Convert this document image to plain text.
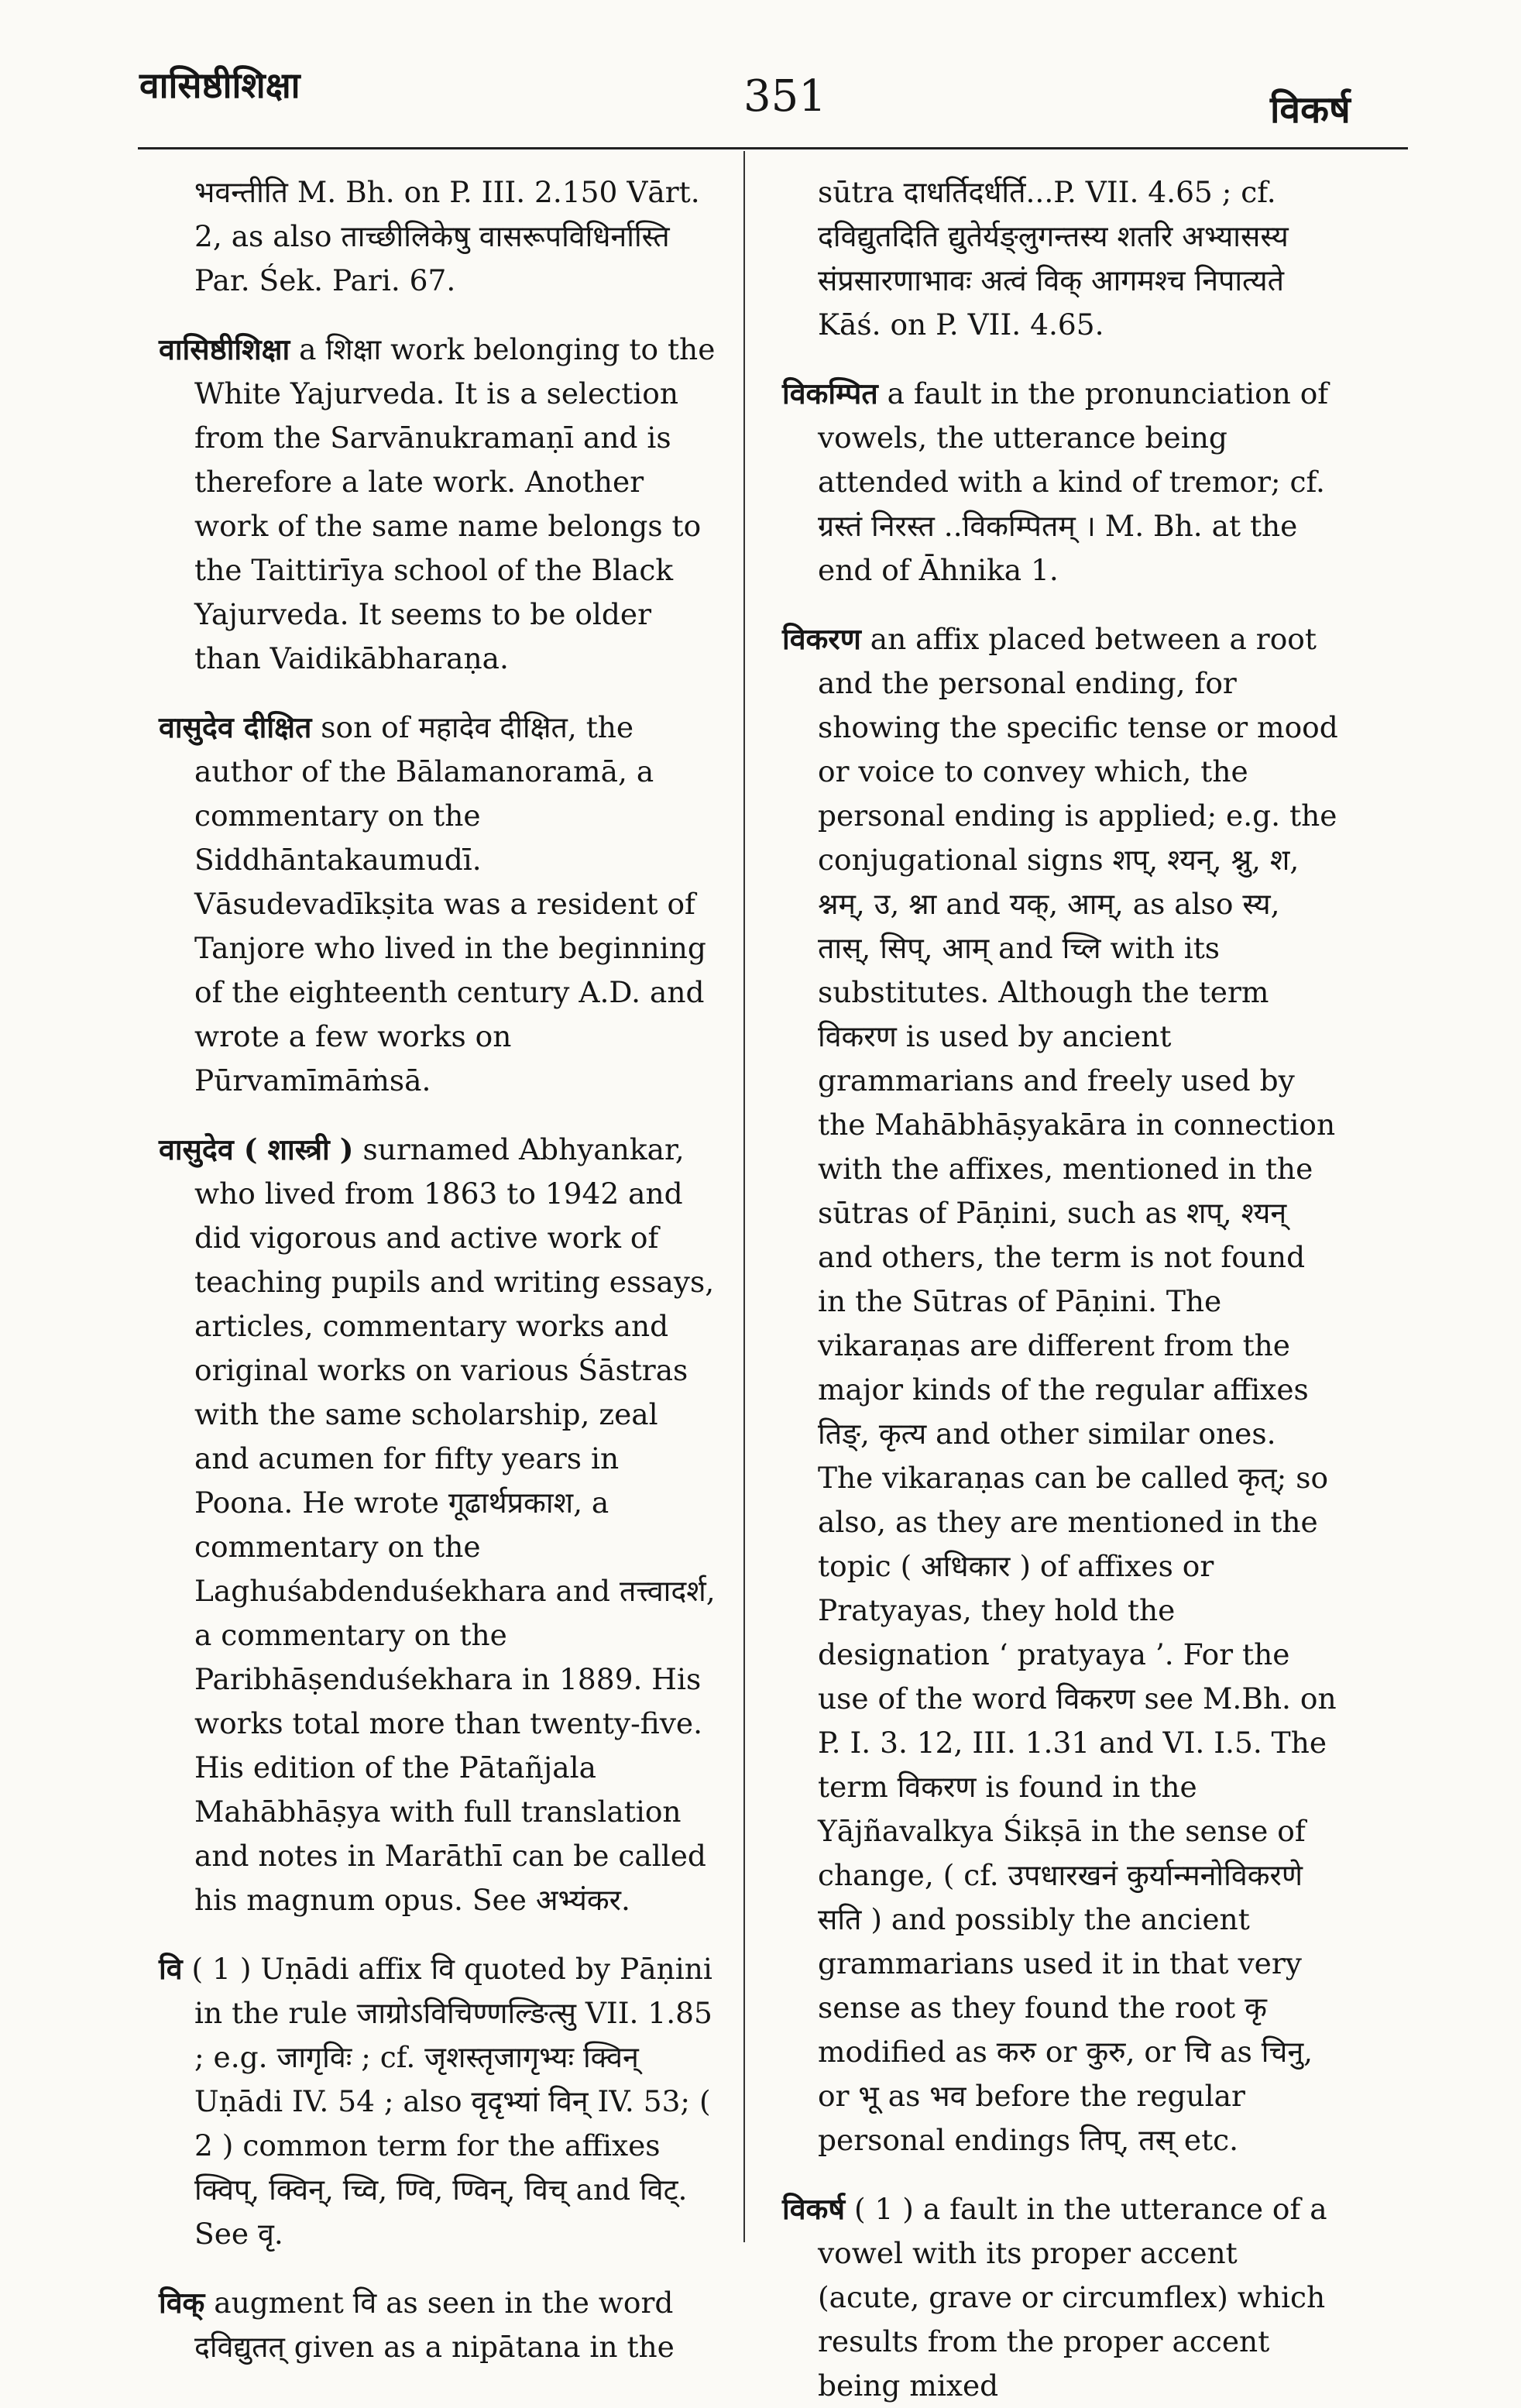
वासिष्ठीशिक्षा	351	विकर्ष

भवन्तीति M. Bh. on P. III. 2.150 Vārt. 2, as also ताच्छीलिकेषु वासरूपविधिर्नास्ति Par. Śek. Pari. 67.

वासिष्ठीशिक्षा a शिक्षा work belonging to the White Yajurveda. It is a selection from the Sarvānukramaṇī and is therefore a late work. Another work of the same name belongs to the Taittirīya school of the Black Yajurveda. It seems to be older than Vaidikābharaṇa.

वासुदेव दीक्षित son of महादेव दीक्षित, the author of the Bālamanoramā, a commentary on the Siddhāntakaumudī. Vāsudevadīkṣita was a resident of Tanjore who lived in the beginning of the eighteenth century A.D. and wrote a few works on Pūrvamīmāṁsā.

वासुदेव ( शास्त्री ) surnamed Abhyankar, who lived from 1863 to 1942 and did vigorous and active work of teaching pupils and writing essays, articles, commentary works and original works on various Śāstras with the same scholarship, zeal and acumen for fifty years in Poona. He wrote गूढार्थप्रकाश, a commentary on the Laghuśabdenduśekhara and तत्त्वादर्श, a commentary on the Paribhāṣenduśekhara in 1889. His works total more than twenty-five. His edition of the Pātañjala Mahābhāṣya with full translation and notes in Marāthī can be called his magnum opus. See अभ्यंकर.

वि ( 1 ) Uṇādi affix वि quoted by Pāṇini in the rule जाग्रोऽविचिण्णल्ङित्सु VII. 1.85 ; e.g. जागृविः ; cf. जृशस्तृजागृभ्यः क्विन् Uṇādi IV. 54 ; also वृदृभ्यां विन् IV. 53; ( 2 ) common term for the affixes क्विप्, क्विन्, च्वि, ण्वि, ण्विन्, विच् and विट्. See वृ.

विक् augment वि as seen in the word दविद्युतत् given as a nipātana in the

sūtra दाधर्तिदर्धर्ति...P. VII. 4.65 ; cf. दविद्युतदिति द्युतेर्यङ्लुगन्तस्य शतरि अभ्यासस्य संप्रसारणाभावः अत्वं विक् आगमश्च निपात्यते Kāś. on P. VII. 4.65.

विकम्पित a fault in the pronunciation of vowels, the utterance being attended with a kind of tremor; cf. ग्रस्तं निरस्त ..विकम्पितम् । M. Bh. at the end of Āhnika 1.

विकरण an affix placed between a root and the personal ending, for showing the specific tense or mood or voice to convey which, the personal ending is applied; e.g. the conjugational signs शप्, श्यन्, श्नु, श, श्नम्, उ, श्ना and यक्, आम्, as also स्य, तास्, सिप्, आम् and च्लि with its substitutes. Although the term विकरण is used by ancient grammarians and freely used by the Mahābhāṣyakāra in connection with the affixes, mentioned in the sūtras of Pāṇini, such as शप्, श्यन् and others, the term is not found in the Sūtras of Pāṇini. The vikaraṇas are different from the major kinds of the regular affixes तिङ्, कृत्य and other similar ones. The vikaraṇas can be called कृत्; so also, as they are mentioned in the topic ( अधिकार ) of affixes or Pratyayas, they hold the designation ‘ pratyaya ’. For the use of the word विकरण see M.Bh. on P. I. 3. 12, III. 1.31 and VI. I.5. The term विकरण is found in the Yājñavalkya Śikṣā in the sense of change, ( cf. उपधारखनं कुर्यान्मनोविकरणे सति ) and possibly the ancient grammarians used it in that very sense as they found the root कृ modified as करु or कुरु, or चि as चिनु, or भू as भव before the regular personal endings तिप्, तस् etc.

विकर्ष ( 1 ) a fault in the utterance of a vowel with its proper accent (acute, grave or circumflex) which results from the proper accent being mixed
